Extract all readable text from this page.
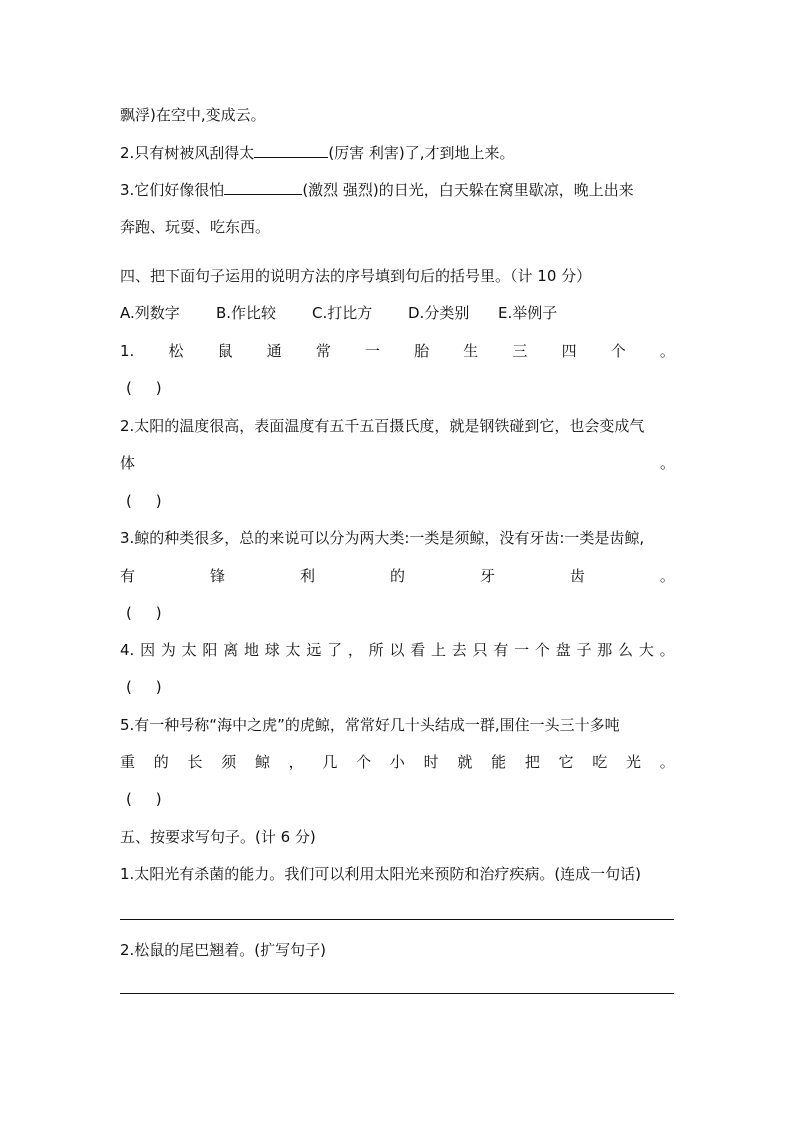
飘浮)在空中,变成云。
2.只有树被风刮得太	(厉害 利害)了,才到地上来。
3.它们好像很怕	(激烈 强烈)的日光，白天躲在窝里歇凉，晚上出来
奔跑、玩耍、吃东西。
四、把下面句子运用的说明方法的序号填到句后的括号里。（计 10 分）
A.列数字 B.作比较 C.打比方 D.分类别 E.举例子
1. 松 鼠 通 常 一 胎 生 三 四 个 。
(     )
2.太阳的温度很高，表面温度有五千五百摄氏度，就是钢铁碰到它，也会变成气
体	。
(     )
3.鲸的种类很多，总的来说可以分为两大类:一类是须鲸，没有牙齿:一类是齿鲸,
有	锋	利	的	牙	齿	。
(     )
4. 因 为 太 阳 离 地 球 太 远 了 ， 所 以 看 上 去 只 有 一 个 盘 子 那 么 大 。
(     )
5.有一种号称“海中之虎”的虎鲸，常常好几十头结成一群,围住一头三十多吨
重 的 长 须 鲸 ， 几 个 小 时 就 能 把 它 吃 光 。
(     )
五、按要求写句子。(计 6 分)
1.太阳光有杀菌的能力。我们可以利用太阳光来预防和治疗疾病。(连成一句话)
2.松鼠的尾巴翘着。(扩写句子)
